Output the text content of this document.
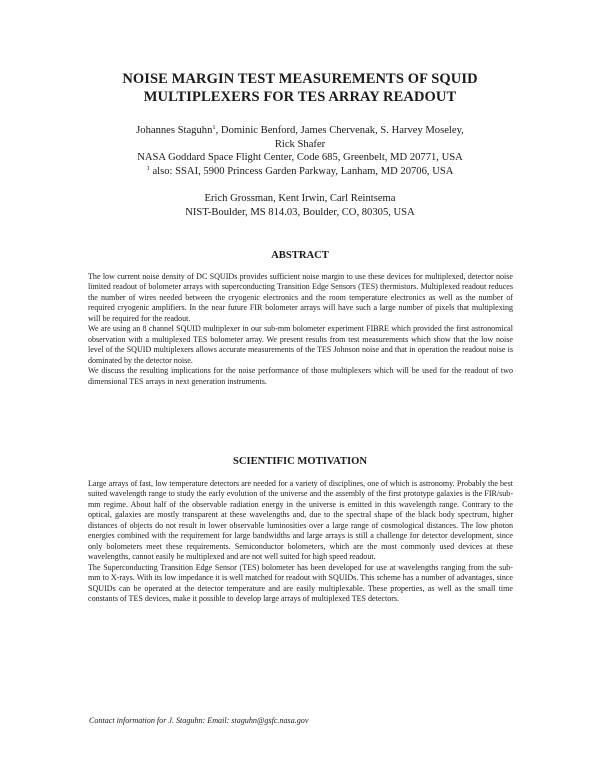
NOISE MARGIN TEST MEASUREMENTS OF SQUID
MULTIPLEXERS FOR TES ARRAY READOUT
Johannes Staguhn$^1$, Dominic Benford, James Chervenak, S. Harvey Moseley,
Rick Shafer
NASA Goddard Space Flight Center, Code 685, Greenbelt, MD 20771, USA
$^1$ also: SSAI, 5900 Princess Garden Parkway, Lanham, MD 20706, USA
Erich Grossman, Kent Irwin, Carl Reintsema
NIST-Boulder, MS 814.03, Boulder, CO, 80305, USA
ABSTRACT

The low current noise density of DC SQUIDs provides sufficient noise margin to use these devices for multiplexed, detector noise limited readout of bolometer arrays with superconducting Transition Edge Sensors (TES) thermistors. Multiplexed readout reduces the number of wires needed between the cryogenic electronics and the room temperature electronics as well as the number of required cryogenic amplifiers. In the near future FIR bolometer arrays will have such a large number of pixels that multiplexing will be required for the readout.

We are using an 8 channel SQUID multiplexer in our sub-mm bolometer experiment FIBRE which provided the first astronomical observation with a multiplexed TES bolometer array. We present results from test measurements which show that the low noise level of the SQUID multiplexers allows accurate measurements of the TES Johnson noise and that in operation the readout noise is dominated by the detector noise.

We discuss the resulting implications for the noise performance of those multiplexers which will be used for the readout of two dimensional TES arrays in next generation instruments.

SCIENTIFIC MOTIVATION

Large arrays of fast, low temperature detectors are needed for a variety of disciplines, one of which is astronomy. Probably the best suited wavelength range to study the early evolution of the universe and the assembly of the first prototype galaxies is the FIR/sub-mm regime. About half of the observable radiation energy in the universe is emitted in this wavelength range. Contrary to the optical, galaxies are mostly transparent at these wavelengths and, due to the spectral shape of the black body spectrum, higher distances of objects do not result in lower observable luminosities over a large range of cosmological distances. The low photon energies combined with the requirement for large bandwidths and large arrays is still a challenge for detector development, since only bolometers meet these requirements. Semiconductor bolometers, which are the most commonly used devices at these wavelengths, cannot easily be multiplexed and are not well suited for high speed readout.

The Superconducting Transition Edge Sensor (TES) bolometer has been developed for use at wavelengths ranging from the sub-mm to X-rays. With its low impedance it is well matched for readout with SQUIDs. This scheme has a number of advantages, since SQUIDs can be operated at the detector temperature and are easily multiplexable. These properties, as well as the small time constants of TES devices, make it possible to develop large arrays of multiplexed TES detectors.

Contact information for J. Staguhn: Email: staguhn@gsfc.nasa.gov
